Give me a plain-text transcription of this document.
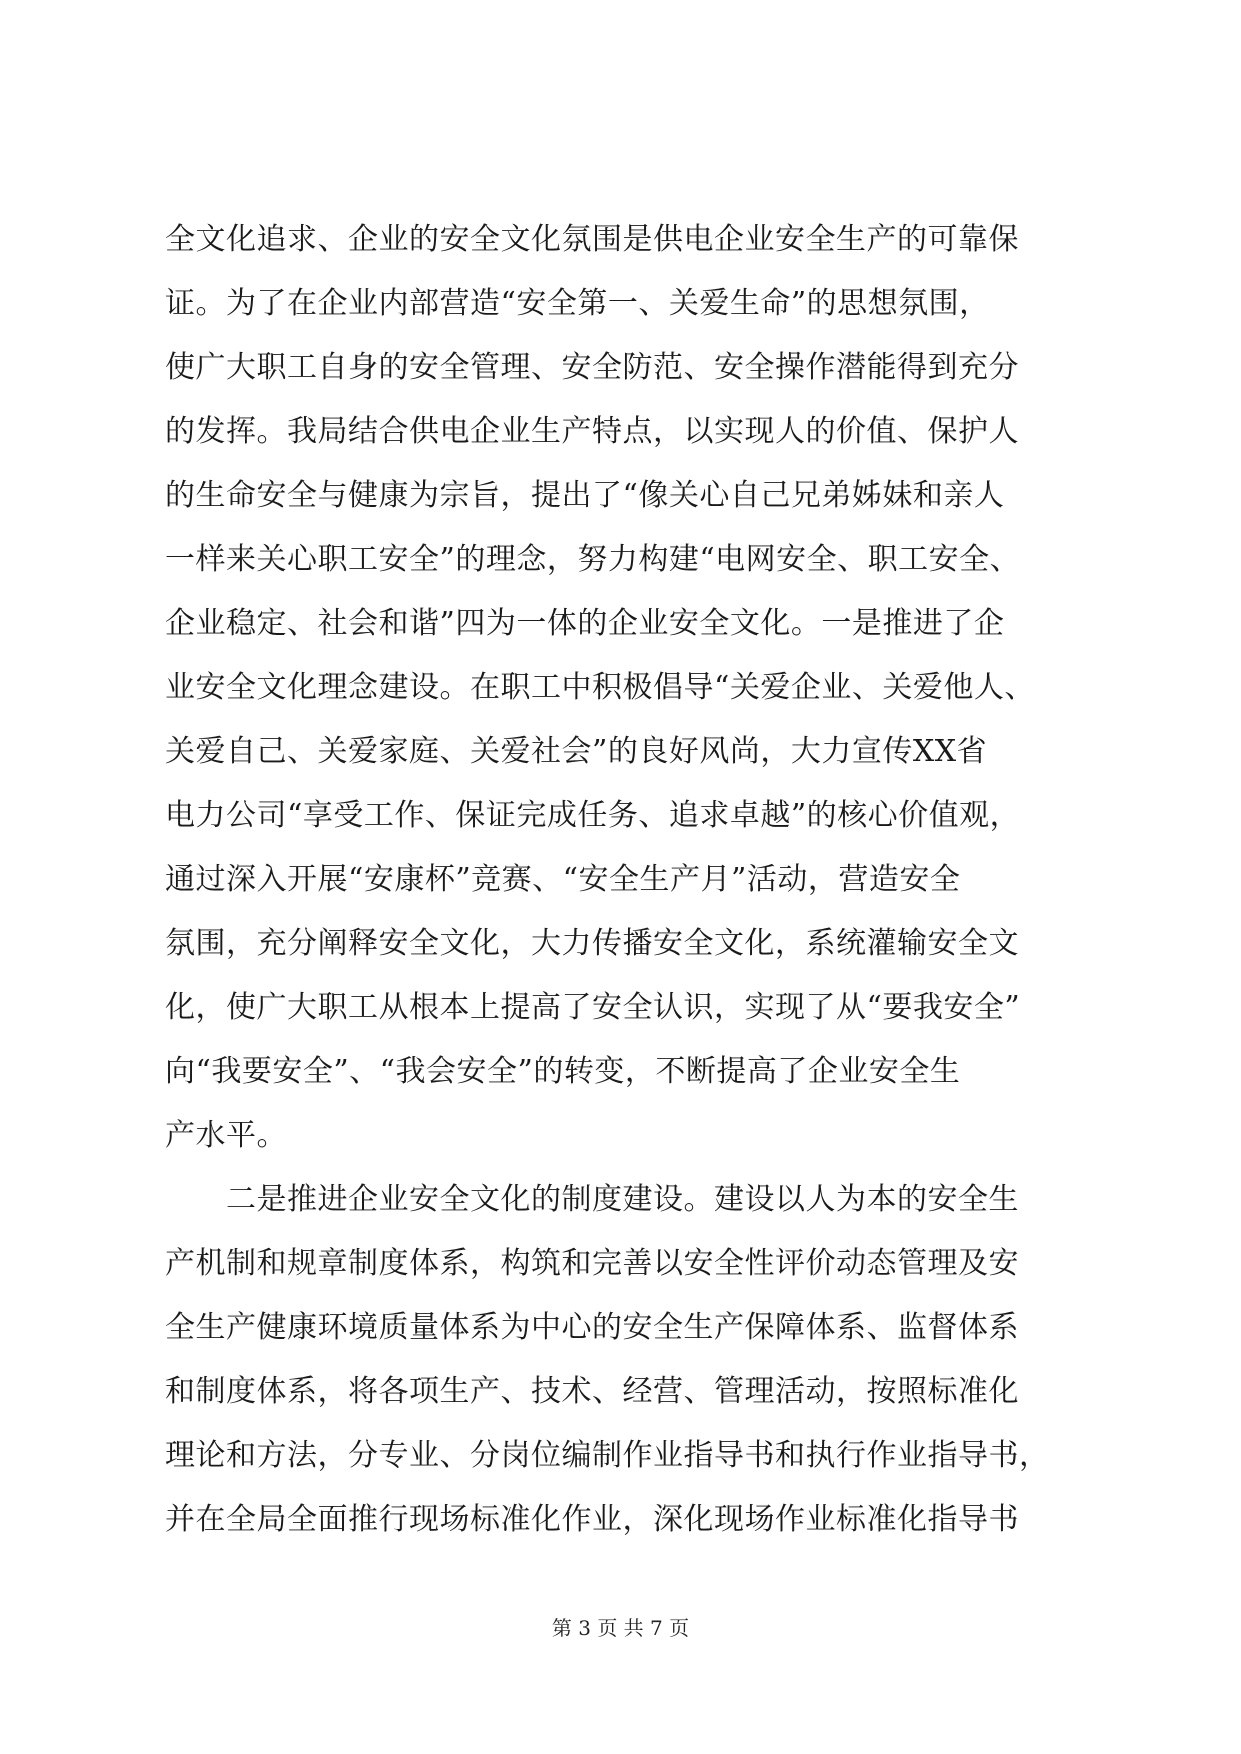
全文化追求、企业的安全文化氛围是供电企业安全生产的可靠保
证。为了在企业内部营造“安全第一、关爱生命”的思想氛围，
使广大职工自身的安全管理、安全防范、安全操作潜能得到充分
的发挥。我局结合供电企业生产特点，以实现人的价值、保护人
的生命安全与健康为宗旨，提出了“像关心自己兄弟姊妹和亲人
一样来关心职工安全”的理念，努力构建“电网安全、职工安全、
企业稳定、社会和谐”四为一体的企业安全文化。一是推进了企
业安全文化理念建设。在职工中积极倡导“关爱企业、关爱他人、
关爱自己、关爱家庭、关爱社会”的良好风尚，大力宣传XX省
电力公司“享受工作、保证完成任务、追求卓越”的核心价值观，
通过深入开展“安康杯”竞赛、“安全生产月”活动，营造安全
氛围，充分阐释安全文化，大力传播安全文化，系统灌输安全文
化，使广大职工从根本上提高了安全认识，实现了从“要我安全”
向“我要安全”、“我会安全”的转变，不断提高了企业安全生
产水平。
　　二是推进企业安全文化的制度建设。建设以人为本的安全生
产机制和规章制度体系，构筑和完善以安全性评价动态管理及安
全生产健康环境质量体系为中心的安全生产保障体系、监督体系
和制度体系，将各项生产、技术、经营、管理活动，按照标准化
理论和方法，分专业、分岗位编制作业指导书和执行作业指导书，
并在全局全面推行现场标准化作业，深化现场作业标准化指导书
第 3 页 共 7 页
